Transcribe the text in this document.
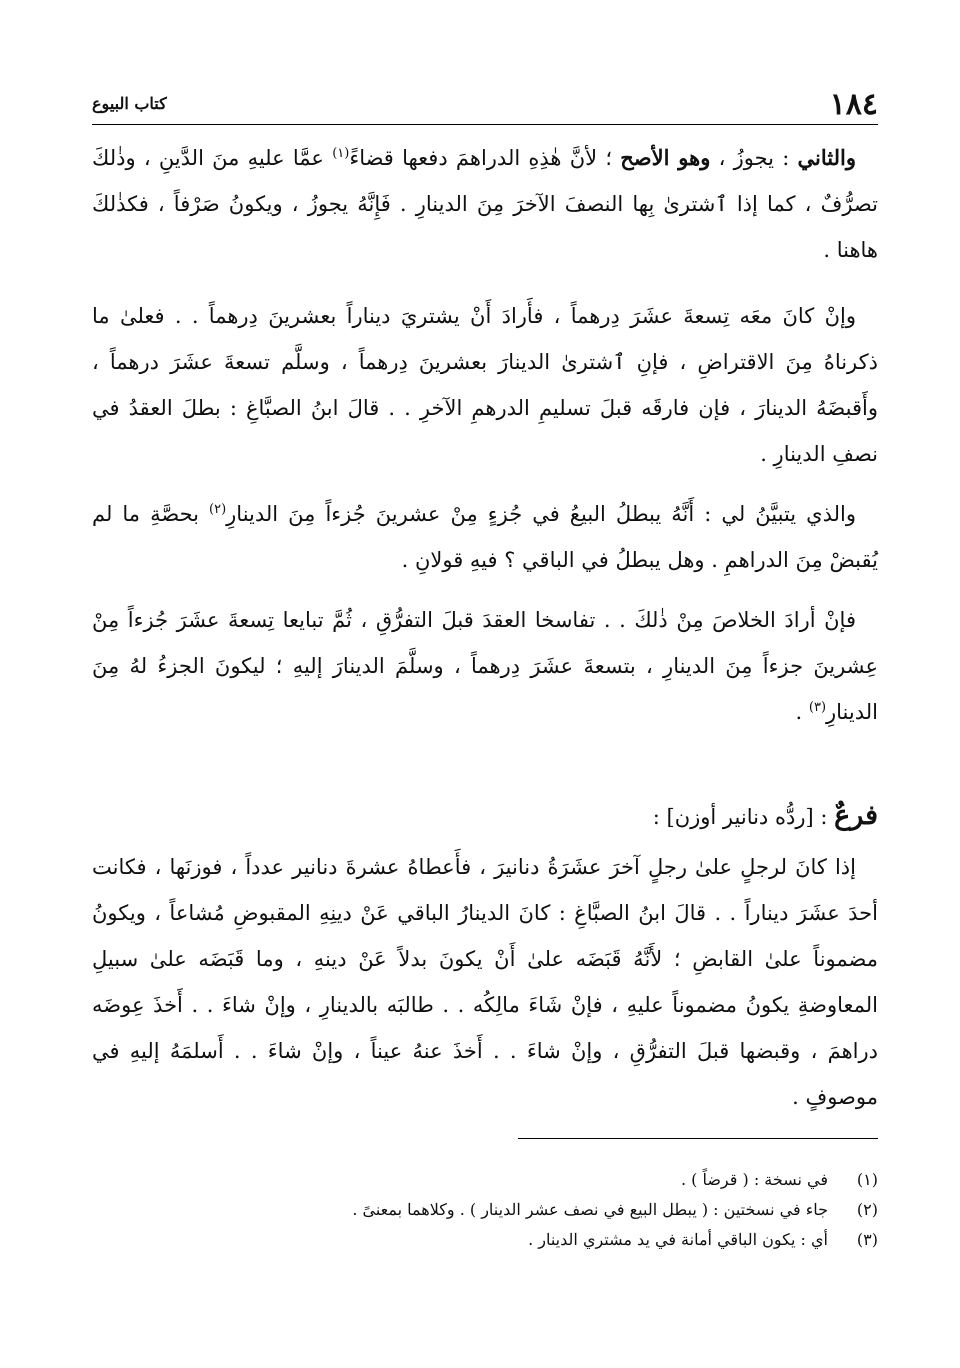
١٨٤
كتاب البيوع

والثاني : يجوزُ ، وهو الأصح ؛ لأنَّ هٰذِهِ الدراهمَ دفعها قضاءً$^{(١)}$ عمَّا عليهِ منَ الدَّينِ ، وذٰلكَ تصرُّفٌ ، كما إذا ٱشترىٰ بِها النصفَ الآخرَ مِنَ الدينارِ . فَإِنَّهُ يجوزُ ، ويكونُ صَرْفاً ، فكذٰلكَ هاهنا .

وإنْ كانَ معَه تِسعةَ عشَرَ دِرهماً ، فأَرادَ أَنْ يشتريَ ديناراً بعشرينَ دِرهماً . . فعلىٰ ما ذكرناهُ مِنَ الاقتراضِ ، فإنِ ٱشترىٰ الدينارَ بعشرينَ دِرهماً ، وسلَّم تسعةَ عشَرَ درهماً ، وأَقبضَهُ الدينارَ ، فإن فارقَه قبلَ تسليمِ الدرهمِ الآخرِ . . قالَ ابنُ الصبَّاغِ : بطلَ العقدُ في نصفِ الدينارِ .

والذي يتبيَّنُ لي : أَنَّهُ يبطلُ البيعُ في جُزءٍ مِنْ عشرينَ جُزءاً مِنَ الدينارِ$^{(٢)}$ بحصَّةِ ما لم يُقبضْ مِنَ الدراهمِ . وهل يبطلُ في الباقي ؟ فيهِ قولانِ .

فإنْ أرادَ الخلاصَ مِنْ ذٰلكَ . . تفاسخا العقدَ قبلَ التفرُّقِ ، ثُمَّ تبايعا تِسعةَ عشَرَ جُزءاً مِنْ عِشرينَ جزءاً مِنَ الدينارِ ، بتسعةَ عشَرَ دِرهماً ، وسلَّمَ الدينارَ إليهِ ؛ ليكونَ الجزءُ لهُ مِنَ الدينارِ$^{(٣)}$ .

فرعٌ : [ردُّه دنانير أوزن] :

إذا كانَ لرجلٍ علىٰ رجلٍ آخرَ عشَرَةُ دنانيرَ ، فأَعطاهُ عشرةَ دنانير عدداً ، فوزنَها ، فكانت أحدَ عشَرَ ديناراً . . قالَ ابنُ الصبَّاغِ : كانَ الدينارُ الباقي عَنْ دينِهِ المقبوضِ مُشاعاً ، ويكونُ مضموناً علىٰ القابضِ ؛ لأَنَّهُ قَبَضَه علىٰ أَنْ يكونَ بدلاً عَنْ دينهِ ، وما قَبَضَه علىٰ سبيلِ المعاوضةِ يكونُ مضموناً عليهِ ، فإنْ شَاءَ مالِكُه . . طالبَه بالدينارِ ، وإنْ شاءَ . . أَخذَ عِوضَه دراهمَ ، وقبضها قبلَ التفرُّقِ ، وإنْ شاءَ . . أَخذَ عنهُ عيناً ، وإنْ شاءَ . . أَسلمَهُ إليهِ في موصوفٍ .

(١)
في نسخة : ( قرضاً ) .
(٢)
جاء في نسختين : ( يبطل البيع في نصف عشر الدينار ) . وكلاهما بمعنىً .
(٣)
أي : يكون الباقي أمانة في يد مشتري الدينار .
